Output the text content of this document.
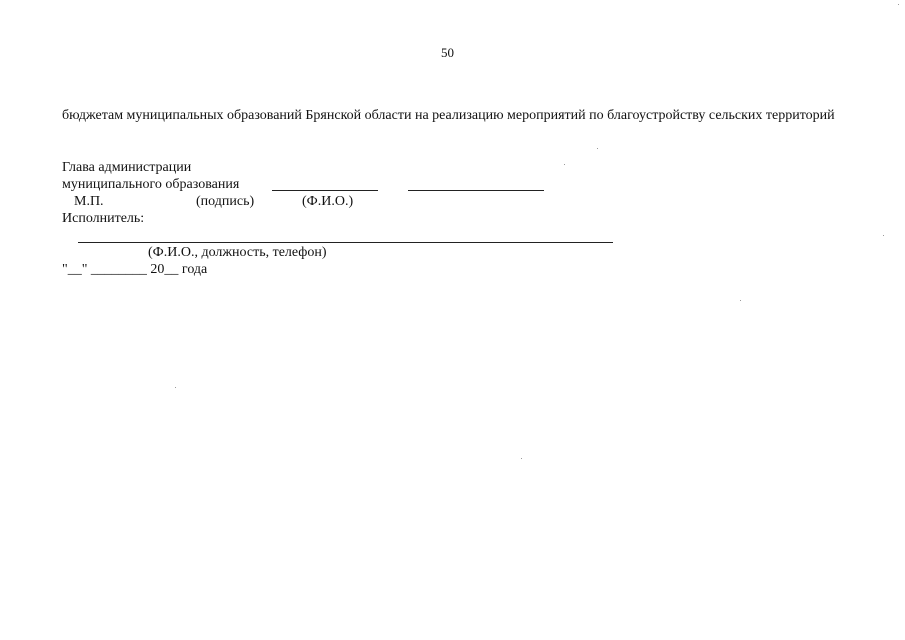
50
бюджетам муниципальных образований Брянской области на реализацию мероприятий по благоустройству сельских территорий
Глава администрации
муниципального образования
М.П.	(подпись)	(Ф.И.О.)
Исполнитель:
(Ф.И.О., должность, телефон)
"__" ________ 20__ года
